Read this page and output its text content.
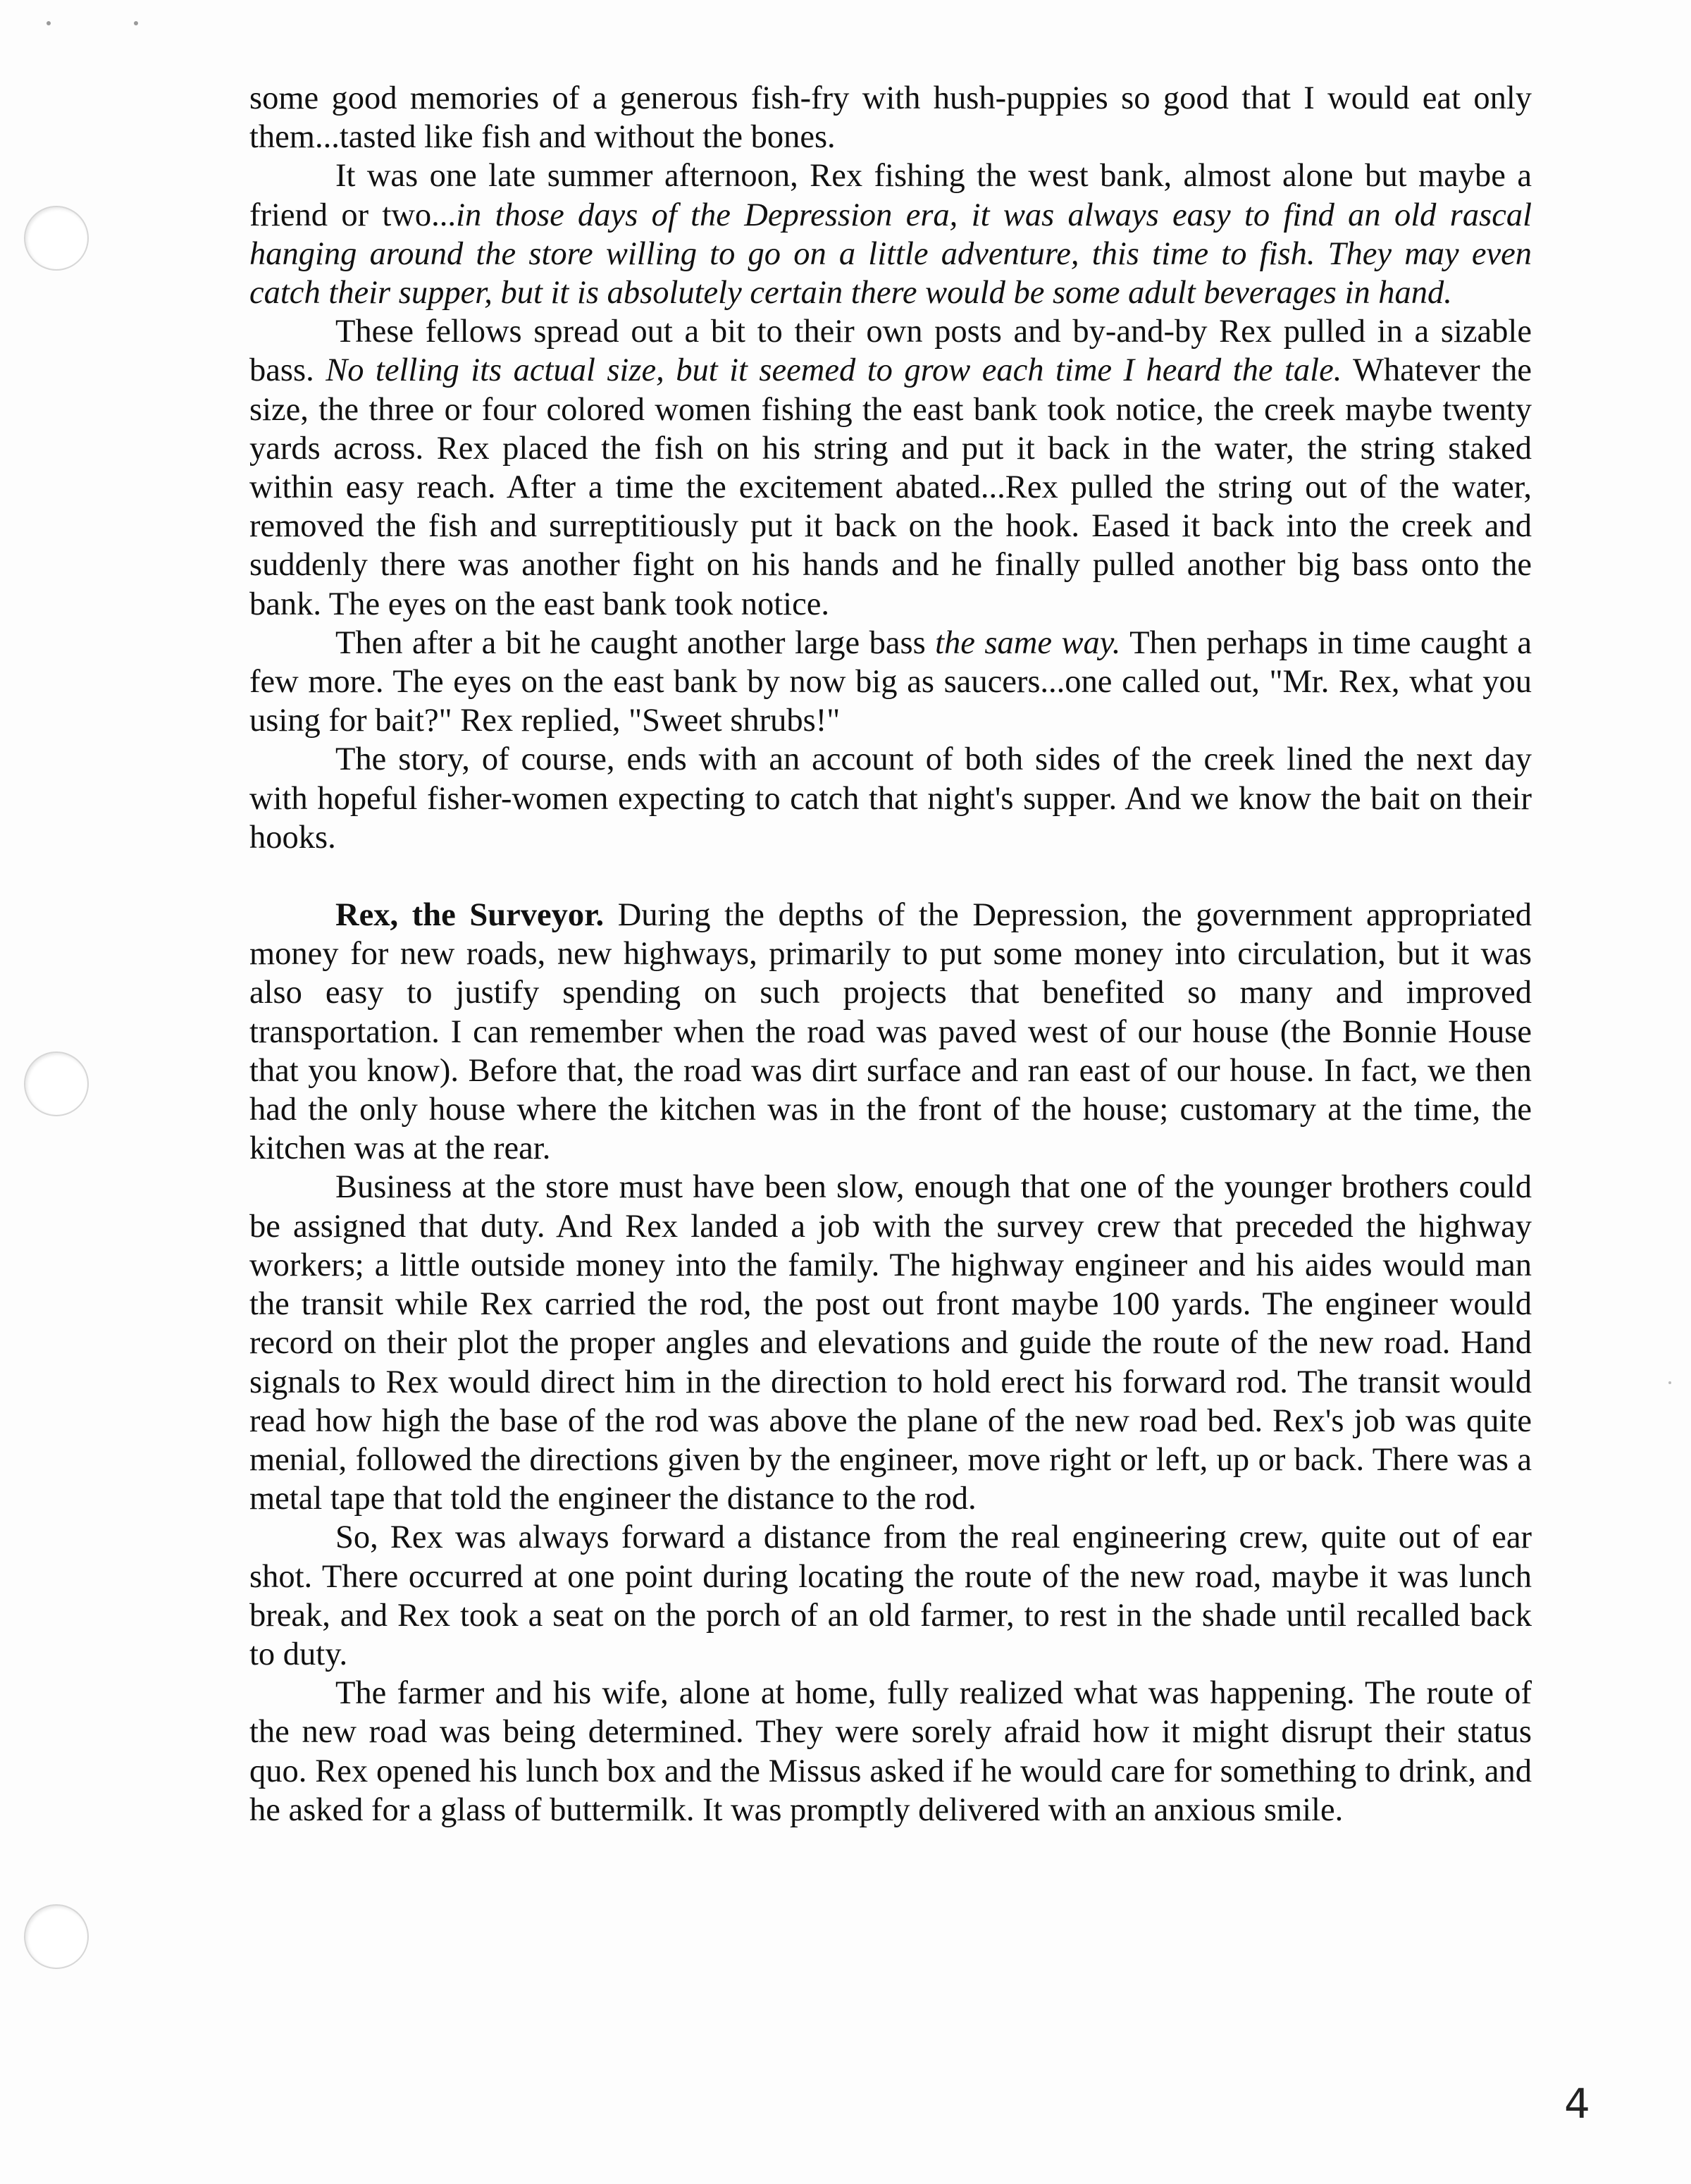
some good memories of a generous fish-fry with hush-puppies so good that I would eat only them...tasted like fish and without the bones.

It was one late summer afternoon, Rex fishing the west bank, almost alone but maybe a friend or two...in those days of the Depression era, it was always easy to find an old rascal hanging around the store willing to go on a little adventure, this time to fish. They may even catch their supper, but it is absolutely certain there would be some adult beverages in hand.

These fellows spread out a bit to their own posts and by-and-by Rex pulled in a sizable bass. No telling its actual size, but it seemed to grow each time I heard the tale. Whatever the size, the three or four colored women fishing the east bank took notice, the creek maybe twenty yards across. Rex placed the fish on his string and put it back in the water, the string staked within easy reach. After a time the excitement abated...Rex pulled the string out of the water, removed the fish and surreptitiously put it back on the hook. Eased it back into the creek and suddenly there was another fight on his hands and he finally pulled another big bass onto the bank. The eyes on the east bank took notice.

Then after a bit he caught another large bass the same way. Then perhaps in time caught a few more. The eyes on the east bank by now big as saucers...one called out, "Mr. Rex, what you using for bait?" Rex replied, "Sweet shrubs!"

The story, of course, ends with an account of both sides of the creek lined the next day with hopeful fisher-women expecting to catch that night's supper. And we know the bait on their hooks.

Rex, the Surveyor. During the depths of the Depression, the government appropriated money for new roads, new highways, primarily to put some money into circulation, but it was also easy to justify spending on such projects that benefited so many and improved transportation. I can remember when the road was paved west of our house (the Bonnie House that you know). Before that, the road was dirt surface and ran east of our house. In fact, we then had the only house where the kitchen was in the front of the house; customary at the time, the kitchen was at the rear.

Business at the store must have been slow, enough that one of the younger brothers could be assigned that duty. And Rex landed a job with the survey crew that preceded the highway workers; a little outside money into the family. The highway engineer and his aides would man the transit while Rex carried the rod, the post out front maybe 100 yards. The engineer would record on their plot the proper angles and elevations and guide the route of the new road. Hand signals to Rex would direct him in the direction to hold erect his forward rod. The transit would read how high the base of the rod was above the plane of the new road bed. Rex's job was quite menial, followed the directions given by the engineer, move right or left, up or back. There was a metal tape that told the engineer the distance to the rod.

So, Rex was always forward a distance from the real engineering crew, quite out of ear shot. There occurred at one point during locating the route of the new road, maybe it was lunch break, and Rex took a seat on the porch of an old farmer, to rest in the shade until recalled back to duty.

The farmer and his wife, alone at home, fully realized what was happening. The route of the new road was being determined. They were sorely afraid how it might disrupt their status quo. Rex opened his lunch box and the Missus asked if he would care for something to drink, and he asked for a glass of buttermilk. It was promptly delivered with an anxious smile.

4
